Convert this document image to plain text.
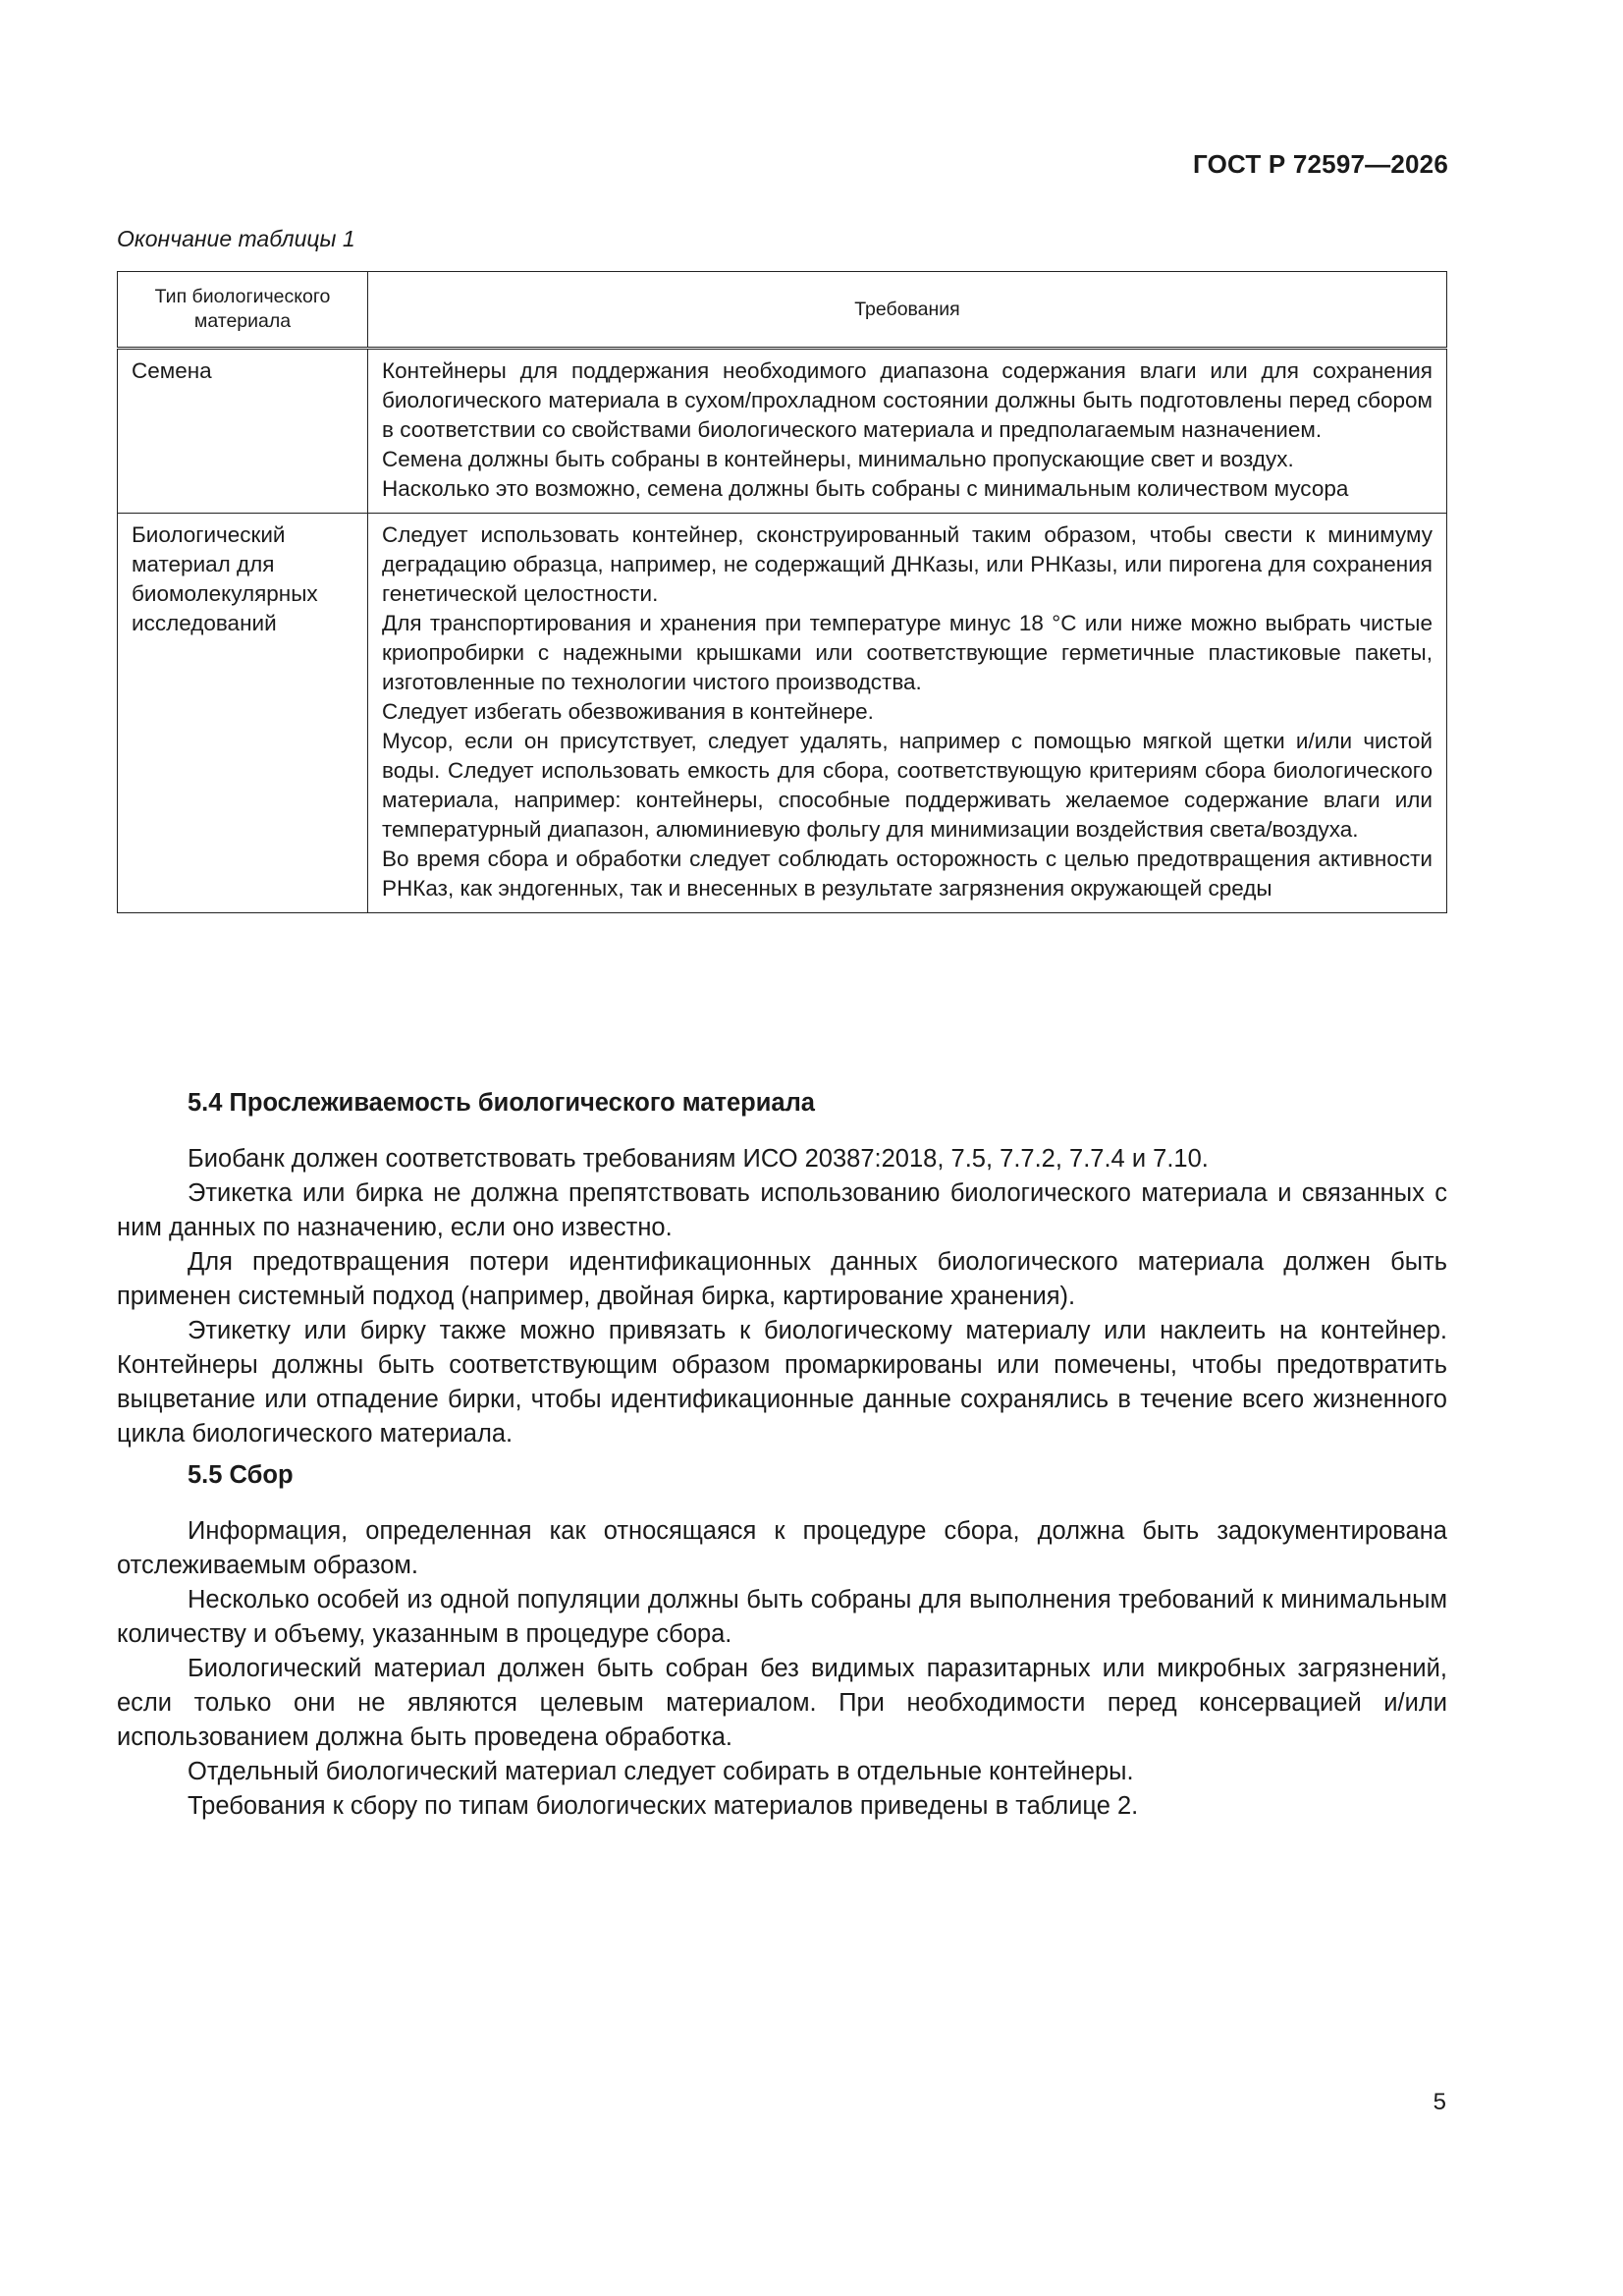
ГОСТ Р 72597—2026
Окончание таблицы 1
Тип биологического материала	Требования
Семена	Контейнеры для поддержания необходимого диапазона содержания влаги или для сохранения биологического материала в сухом/прохладном состоянии должны быть подготовлены перед сбором в соответствии со свойствами биологического материала и предполагаемым назначением.
Семена должны быть собраны в контейнеры, минимально пропускающие свет и воздух.
Насколько это возможно, семена должны быть собраны с минимальным количеством мусора

Биологический материал для биомолекулярных исследований	Следует использовать контейнер, сконструированный таким образом, чтобы свести к минимуму деградацию образца, например, не содержащий ДНКазы, или РНКазы, или пирогена для сохранения генетической целостности.
Для транспортирования и хранения при температуре минус 18 °С или ниже можно выбрать чистые криопробирки с надежными крышками или соответствующие герметичные пластиковые пакеты, изготовленные по технологии чистого производства.
Следует избегать обезвоживания в контейнере.
Мусор, если он присутствует, следует удалять, например с помощью мягкой щетки и/или чистой воды. Следует использовать емкость для сбора, соответствующую критериям сбора биологического материала, например: контейнеры, способные поддерживать желаемое содержание влаги или температурный диапазон, алюминиевую фольгу для минимизации воздействия света/воздуха.
Во время сбора и обработки следует соблюдать осторожность с целью предотвращения активности РНКаз, как эндогенных, так и внесенных в результате загрязнения окружающей среды
5.4 Прослеживаемость биологического материала

Биобанк должен соответствовать требованиям ИСО 20387:2018, 7.5, 7.7.2, 7.7.4 и 7.10.

Этикетка или бирка не должна препятствовать использованию биологического материала и связанных с ним данных по назначению, если оно известно.

Для предотвращения потери идентификационных данных биологического материала должен быть применен системный подход (например, двойная бирка, картирование хранения).

Этикетку или бирку также можно привязать к биологическому материалу или наклеить на контейнер. Контейнеры должны быть соответствующим образом промаркированы или помечены, чтобы предотвратить выцветание или отпадение бирки, чтобы идентификационные данные сохранялись в течение всего жизненного цикла биологического материала.

5.5 Сбор

Информация, определенная как относящаяся к процедуре сбора, должна быть задокументирована отслеживаемым образом.

Несколько особей из одной популяции должны быть собраны для выполнения требований к минимальным количеству и объему, указанным в процедуре сбора.

Биологический материал должен быть собран без видимых паразитарных или микробных загрязнений, если только они не являются целевым материалом. При необходимости перед консервацией и/или использованием должна быть проведена обработка.

Отдельный биологический материал следует собирать в отдельные контейнеры.

Требования к сбору по типам биологических материалов приведены в таблице 2.

5
